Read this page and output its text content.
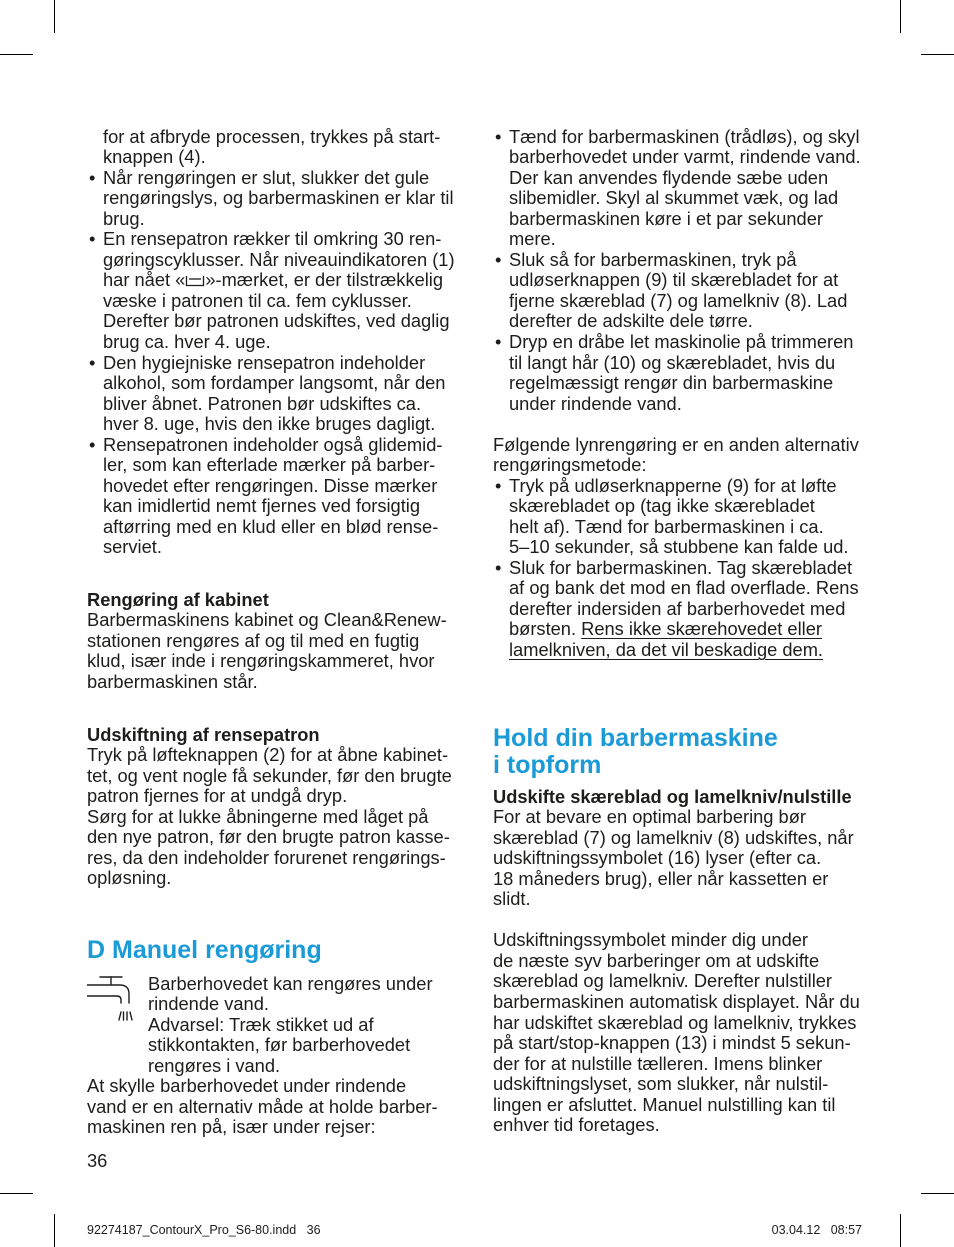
for at afbryde processen, trykkes på start-
knappen (4).
• Når rengøringen er slut, slukker det gule
rengøringslys, og barbermaskinen er klar til
brug.
• En rensepatron rækker til omkring 30 ren-
gøringscyklusser. Når niveauindikatoren (1)
har nået « »-mærket, er der tilstrækkelig
væske i patronen til ca. fem cyklusser.
Derefter bør patronen udskiftes, ved daglig
brug ca. hver 4. uge.
• Den hygiejniske rensepatron indeholder
alkohol, som fordamper langsomt, når den
bliver åbnet. Patronen bør udskiftes ca.
hver 8. uge, hvis den ikke bruges dagligt.
• Rensepatronen indeholder også glidemid-
ler, som kan efterlade mærker på barber-
hovedet efter rengøringen. Disse mærker
kan imidlertid nemt fjernes ved forsigtig
aftørring med en klud eller en blød rense-
serviet.
Rengøring af kabinet
Barbermaskinens kabinet og Clean&Renew-
stationen rengøres af og til med en fugtig
klud, især inde i rengøringskammeret, hvor
barbermaskinen står.
Udskiftning af rensepatron
Tryk på løfteknappen (2) for at åbne kabinet-
tet, og vent nogle få sekunder, før den brugte
patron fjernes for at undgå dryp.
Sørg for at lukke åbningerne med låget på
den nye patron, før den brugte patron kasse-
res, da den indeholder forurenet rengørings-
opløsning.
D Manuel rengøring
Barberhovedet kan rengøres under
rindende vand.
Advarsel: Træk stikket ud af
stikkontakten, før barberhovedet
rengøres i vand.
At skylle barberhovedet under rindende
vand er en alternativ måde at holde barber-
maskinen ren på, især under rejser:
36
• Tænd for barbermaskinen (trådløs), og skyl
barberhovedet under varmt, rindende vand.
Der kan anvendes flydende sæbe uden
slibemidler. Skyl al skummet væk, og lad
barbermaskinen køre i et par sekunder
mere.
• Sluk så for barbermaskinen, tryk på
udløserknappen (9) til skærebladet for at
fjerne skæreblad (7) og lamelkniv (8). Lad
derefter de adskilte dele tørre.
• Dryp en dråbe let maskinolie på trimmeren
til langt hår (10) og skærebladet, hvis du
regelmæssigt rengør din barbermaskine
under rindende vand.
Følgende lynrengøring er en anden alternativ
rengøringsmetode:
• Tryk på udløserknapperne (9) for at løfte
skærebladet op (tag ikke skærebladet
helt af). Tænd for barbermaskinen i ca.
5–10 sekunder, så stubbene kan falde ud.
• Sluk for barbermaskinen. Tag skærebladet
af og bank det mod en flad overflade. Rens
derefter indersiden af barberhovedet med
børsten. Rens ikke skærehovedet eller
lamelkniven, da det vil beskadige dem.
Hold din barbermaskine
i topform
Udskifte skæreblad og lamelkniv/nulstille
For at bevare en optimal barbering bør
skæreblad (7) og lamelkniv (8) udskiftes, når
udskiftningssymbolet (16) lyser (efter ca.
18 måneders brug), eller når kassetten er
slidt.
Udskiftningssymbolet minder dig under
de næste syv barberinger om at udskifte
skæreblad og lamelkniv. Derefter nulstiller
barbermaskinen automatisk displayet. Når du
har udskiftet skæreblad og lamelkniv, trykkes
på start/stop-knappen (13) i mindst 5 sekun-
der for at nulstille tælleren. Imens blinker
udskiftningslyset, som slukker, når nulstil-
lingen er afsluttet. Manuel nulstilling kan til
enhver tid foretages.
92274187_ContourX_Pro_S6-80.indd   36	03.04.12   08:57
